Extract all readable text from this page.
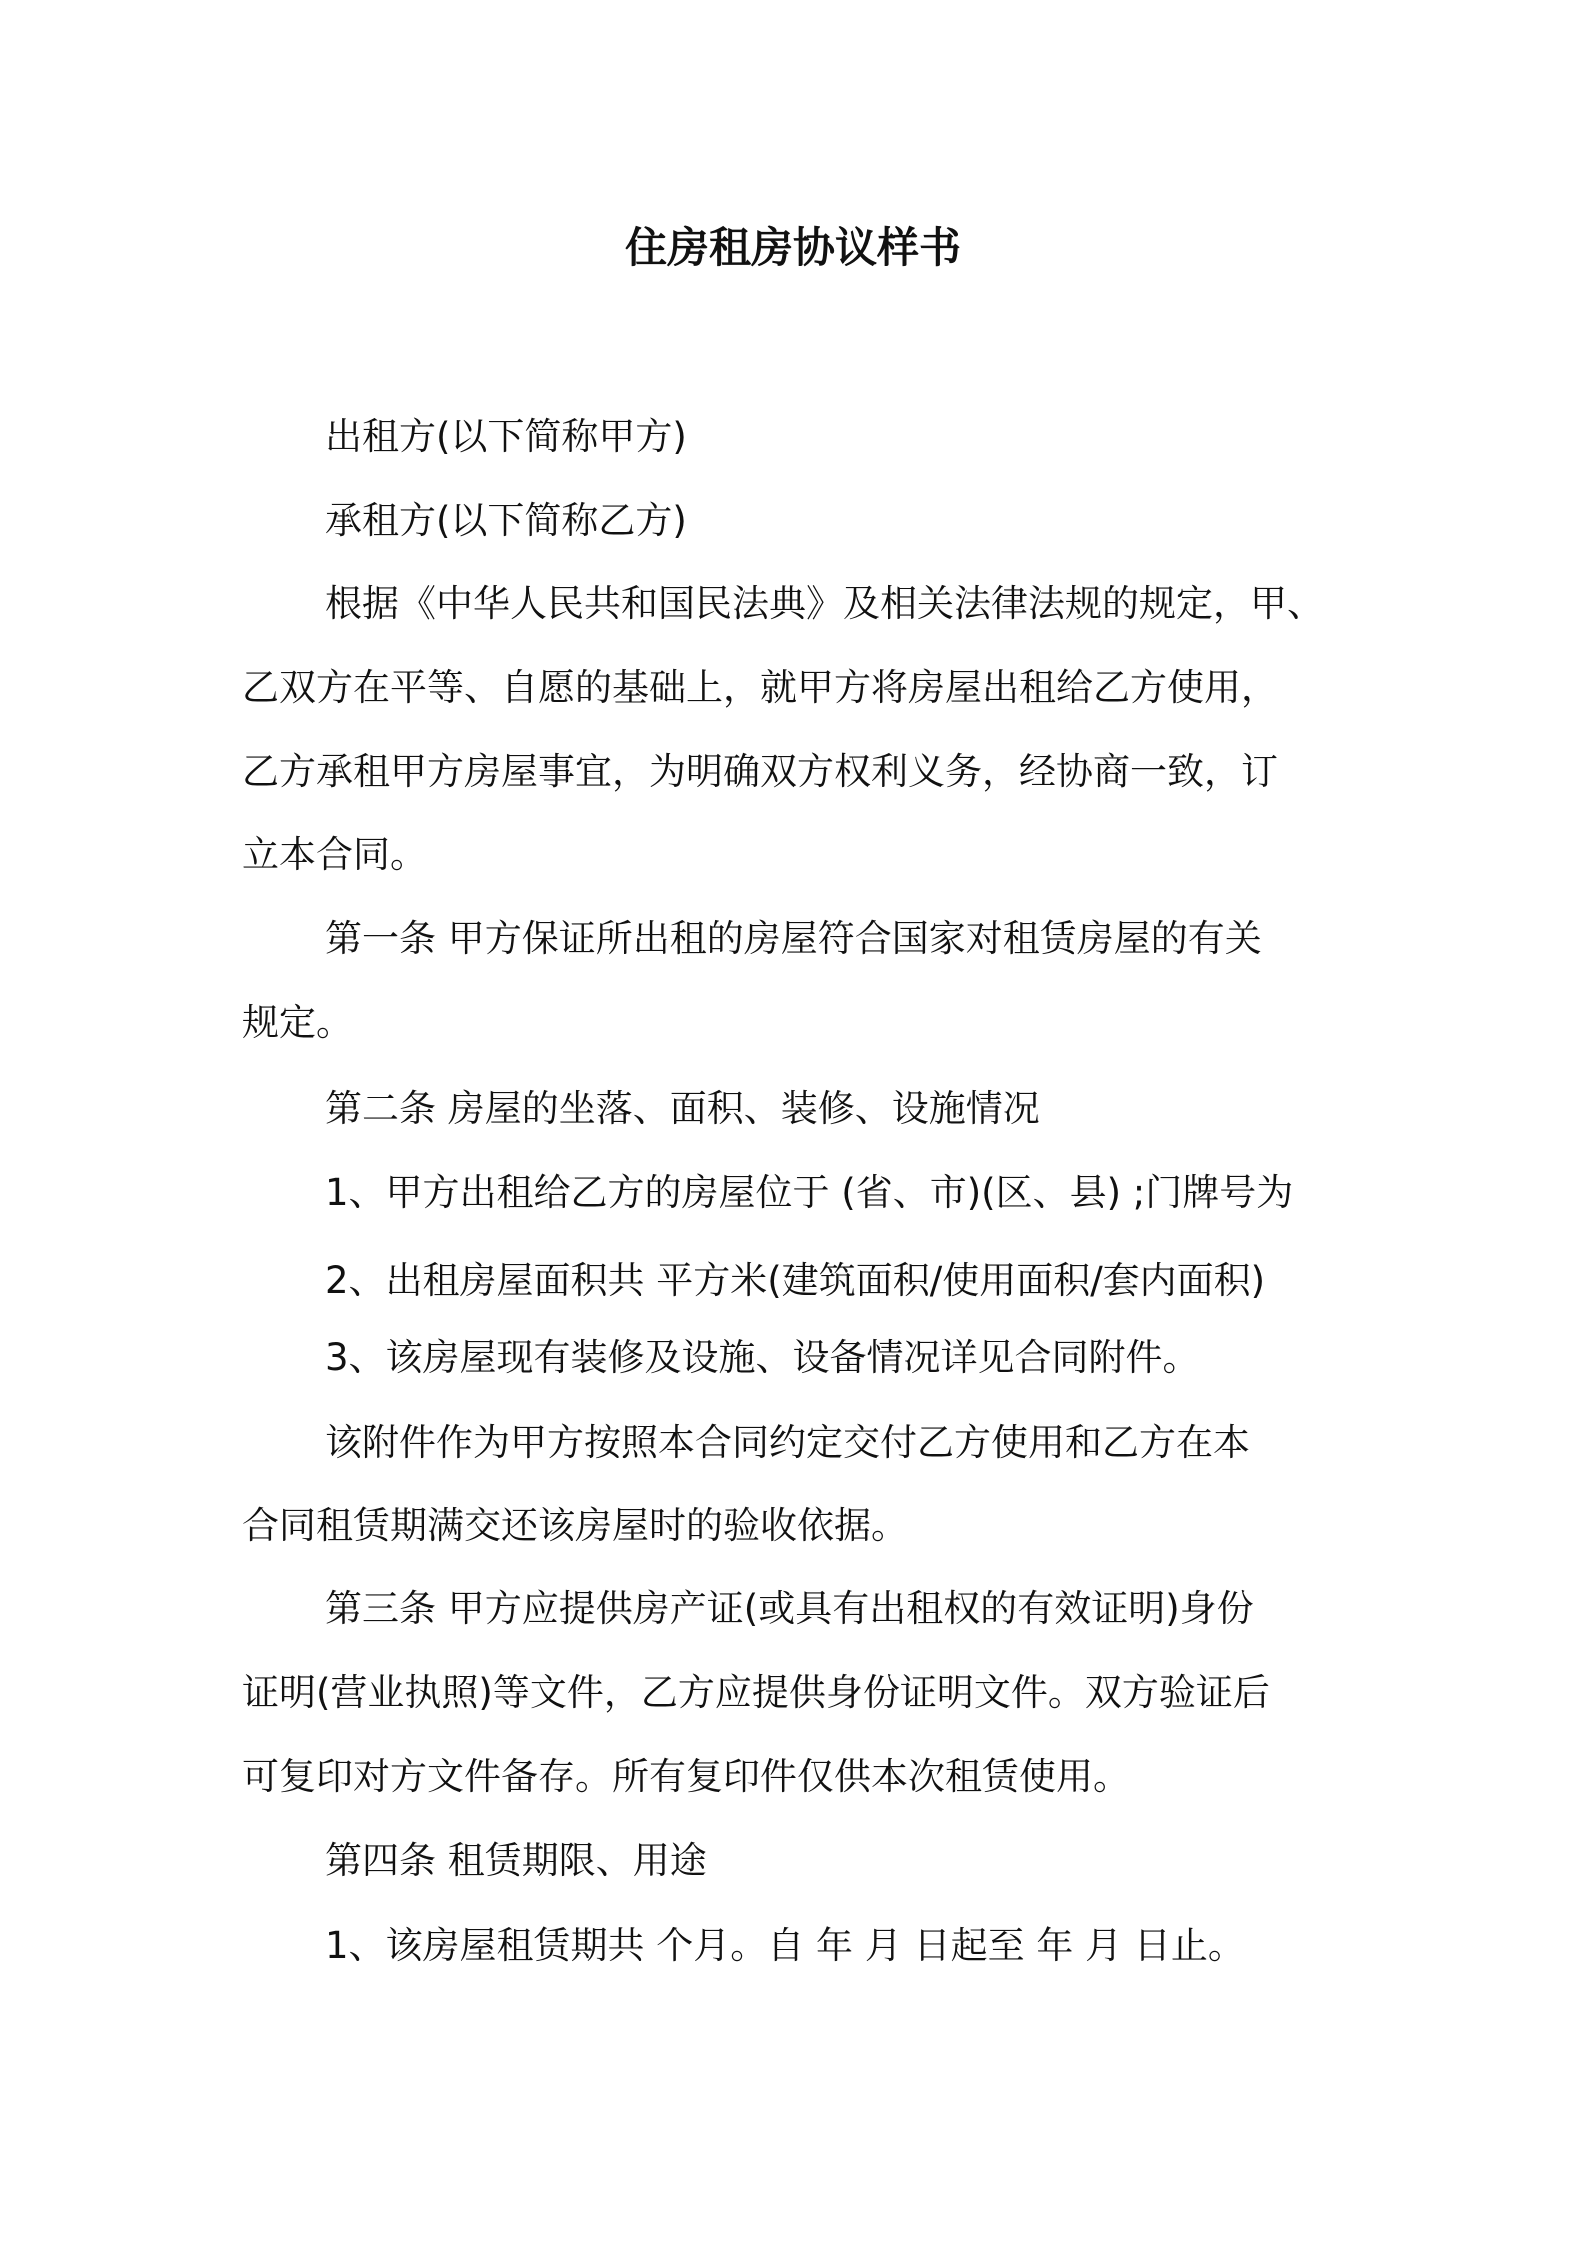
住房租房协议样书
出租方(以下简称甲方)
承租方(以下简称乙方)
根据《中华人民共和国民法典》及相关法律法规的规定，甲、
乙双方在平等、自愿的基础上，就甲方将房屋出租给乙方使用，
乙方承租甲方房屋事宜，为明确双方权利义务，经协商一致，订
立本合同。
第一条 甲方保证所出租的房屋符合国家对租赁房屋的有关
规定。
第二条 房屋的坐落、面积、装修、设施情况
1、甲方出租给乙方的房屋位于 (省、市)(区、县) ;门牌号为
2、出租房屋面积共 平方米(建筑面积/使用面积/套内面积)
3、该房屋现有装修及设施、设备情况详见合同附件。
该附件作为甲方按照本合同约定交付乙方使用和乙方在本
合同租赁期满交还该房屋时的验收依据。
第三条 甲方应提供房产证(或具有出租权的有效证明)身份
证明(营业执照)等文件，乙方应提供身份证明文件。双方验证后
可复印对方文件备存。所有复印件仅供本次租赁使用。
第四条 租赁期限、用途
1、该房屋租赁期共 个月。自 年 月 日起至 年 月 日止。
